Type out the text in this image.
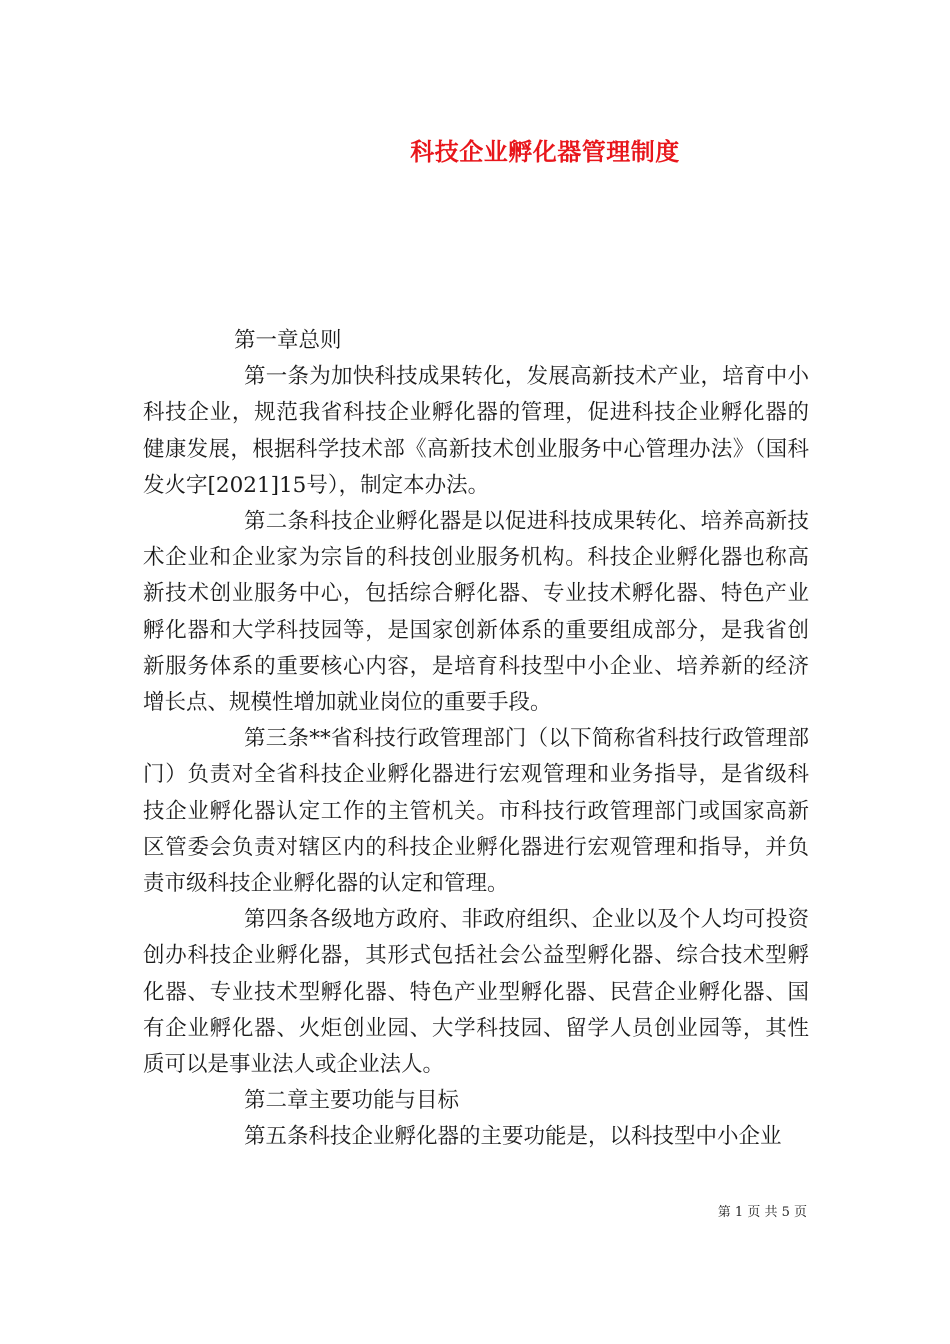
科技企业孵化器管理制度

第一章总则

第一条为加快科技成果转化，发展高新技术产业，培育中小科技企业，规范我省科技企业孵化器的管理，促进科技企业孵化器的健康发展，根据科学技术部《高新技术创业服务中心管理办法》（国科发火字[2021]15号），制定本办法。

第二条科技企业孵化器是以促进科技成果转化、培养高新技术企业和企业家为宗旨的科技创业服务机构。科技企业孵化器也称高新技术创业服务中心，包括综合孵化器、专业技术孵化器、特色产业孵化器和大学科技园等，是国家创新体系的重要组成部分，是我省创新服务体系的重要核心内容，是培育科技型中小企业、培养新的经济增长点、规模性增加就业岗位的重要手段。

第三条**省科技行政管理部门（以下简称省科技行政管理部门）负责对全省科技企业孵化器进行宏观管理和业务指导，是省级科技企业孵化器认定工作的主管机关。市科技行政管理部门或国家高新区管委会负责对辖区内的科技企业孵化器进行宏观管理和指导，并负责市级科技企业孵化器的认定和管理。

第四条各级地方政府、非政府组织、企业以及个人均可投资创办科技企业孵化器，其形式包括社会公益型孵化器、综合技术型孵化器、专业技术型孵化器、特色产业型孵化器、民营企业孵化器、国有企业孵化器、火炬创业园、大学科技园、留学人员创业园等，其性质可以是事业法人或企业法人。

第二章主要功能与目标

第五条科技企业孵化器的主要功能是，以科技型中小企业

第 1 页 共 5 页
